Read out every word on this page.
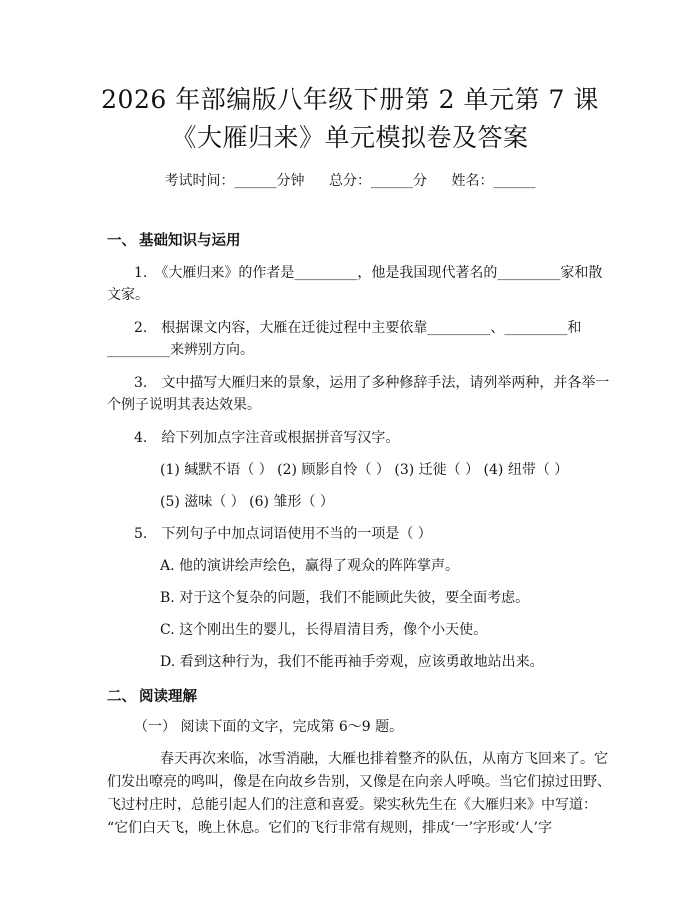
2026 年部编版八年级下册第 2 单元第 7 课
《大雁归来》单元模拟卷及答案
考试时间：______分钟 总分：______分 姓名：______
一、 基础知识与运用
1.　《大雁归来》的作者是_________，他是我国现代著名的_________家和散
文家。
2.　根据课文内容，大雁在迁徙过程中主要依靠_________、_________和
_________来辨别方向。
3.　文中描写大雁归来的景象，运用了多种修辞手法，请列举两种，并各举一
个例子说明其表达效果。
4.　给下列加点字注音或根据拼音写汉字。
(1) 缄默不语（ ） (2) 顾影自怜（ ） (3) 迁徙（ ） (4) 纽带（ ）
(5) 滋味（ ） (6) 雏形（ ）
5.　下列句子中加点词语使用不当的一项是（ ）
A. 他的演讲绘声绘色，赢得了观众的阵阵掌声。
B. 对于这个复杂的问题，我们不能顾此失彼，要全面考虑。
C. 这个刚出生的婴儿，长得眉清目秀，像个小天使。
D. 看到这种行为，我们不能再袖手旁观，应该勇敢地站出来。
二、 阅读理解
（一） 阅读下面的文字，完成第 6～9 题。
春天再次来临，冰雪消融，大雁也排着整齐的队伍，从南方飞回来了。它
们发出嘹亮的鸣叫，像是在向故乡告别，又像是在向亲人呼唤。当它们掠过田野、
飞过村庄时，总能引起人们的注意和喜爱。梁实秋先生在《大雁归来》中写道：
“它们白天飞，晚上休息。它们的飞行非常有规则，排成‘一’字形或‘人’字
